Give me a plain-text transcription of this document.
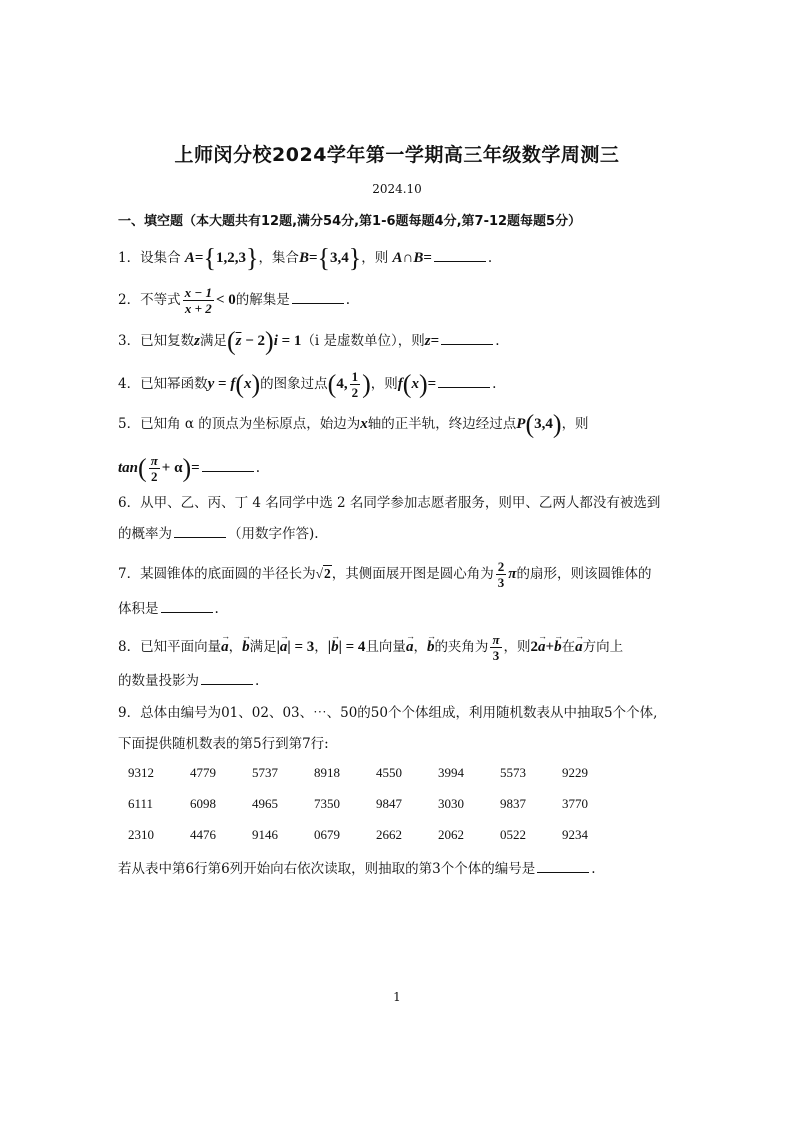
上师闵分校2024学年第一学期高三年级数学周测三
2024.10
一、填空题（本大题共有12题,满分54分,第1-6题每题4分,第7-12题每题5分）
1．设集合 A={1,2,3}，集合B={3,4}，则 A∩B=	.
2．不等式 $\frac{x - 1}{x + 2} < 0$的解集是	.
3．已知复数z满足$(\overline{z} - 2)i = 1(i$ 是虚数单位），则z=	.
4．已知幂函数y = f(x)的图象过点(4, $\frac{1}{2}$ )，则f(x)=	.
5．已知角 α 的顶点为坐标原点，始边为x轴的正半轨，终边经过点P(3,4)，则
$\tan( \frac{\pi}{2} + \alpha)=$	.
6．从甲、乙、丙、丁 4 名同学中选 2 名同学参加志愿者服务，则甲、乙两人都没有被选到
的概率为	（用数字作答).
7．某圆锥体的底面圆的半径长为√2，其侧面展开图是圆心角为 $\frac{2}{3}$ π的扇形，则该圆锥体的
体积是	.
8．已知平面向量→ a，→ b满足|→ a| = 3，|→ b| = 4且向量→ a，→ b的夹角为 $\frac{\pi}{3}$ ，则2→ a+→ b在→ a方向上
的数量投影为	.
9．总体由编号为01、02、03、⋯、50的50个个体组成，利用随机数表从中抽取5个个体,
下面提供随机数表的第5行到第7行:
9312	4779	5737	8918	4550	3994	5573	9229
6111	6098	4965	7350	9847	3030	9837	3770
2310	4476	9146	0679	2662	2062	0522	9234
若从表中第6行第6列开始向右依次读取，则抽取的第3个个体的编号是	.
1
